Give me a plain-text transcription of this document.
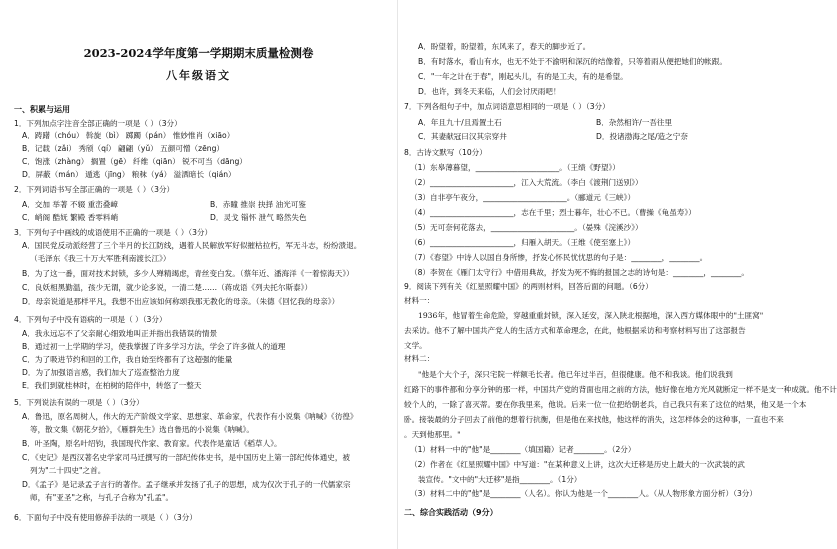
2023-2024学年度第一学期期末质量检测卷
八年级语文
一、积累与运用
1．下列加点字注音全部正确的一项是（ ）（3分）
A．踌躇（chóu） 斡旋（bì） 踯躅（pán） 惟妙惟肖（xiāo）
B．记载（zǎi） 秀颀（qí） 翩翩（yǔ） 五颜可憎（zēng）
C．饱涨（zhàng） 搁置（gē） 纤维（qiān） 锐不可当（dāng）
D．屏蔽（mán） 遁逃（jīng） 粮秣（yá） 溢洒暗长（qián）
2．下列词语书写全部正确的一项是（ ）（3分）
A．交加 举著 不辍 重峦叠嶂	B．赤瞳 推崇 抉择 油光可鉴
C．峭阁 酷妩 繁殿 香零料峭	D．灵戈 锱怀 泄气 略然失色
3．下列句子中画线的成语使用不正确的一项是（ ）（3分）
A．国民党反动派经营了三个半月的长江防线，遇着人民解放军好似摧枯拉朽，军无斗志，纷纷溃退。
（毛泽东《我三十万大军胜利南渡长江》）
B．为了这一番，面对技术封锁，多少人殚精竭虑，青丝变白发。（蔡年近、潘海洋《一着惊海天》）
C．良妖相黑勤温，孩少无谓，就少论多说，一清二楚……（蒋成语《列夫托尔斯泰》）
D．母亲说道是那样平凡，我想不出应该如何称颂我那无教化的母亲。（朱德《回忆我的母亲》）
4．下列句子中没有语病的一项是（ ）（3分）
A．我永远忘不了父亲耐心细致地叫正并指出我错误的情景
B．通过初一上学期的学习，使我掌握了许多学习方法，学会了许多做人的道理
C．为了吸进节约和回的工作，我自始至终都有了这超强的能量
D．为了加强语言感，我们加大了巡查整治力度
E．我们到就桂林时，在柏树的陪伴中，转悠了一整天
5．下列说法有误的一项是（ ）（3分）
A．鲁迅，原名周树人，伟大的无产阶级文学家、思想家、革命家，代表作有小说集《呐喊》《彷徨》
等，散文集《朝花夕拾》，《雁群先生》选自鲁迅的小说集《呐喊》。
B．叶圣陶，原名叶绍钧，我国现代作家、教育家。代表作是童话《稻草人》。
C．《史记》是西汉著名史学家司马迁撰写的一部纪传体史书，是中国历史上第一部纪传体通史，被
列为"二十四史"之首。
D．《孟子》是记录孟子言行的著作。孟子继承并发扬了孔子的思想，成为仅次于孔子的一代儒家宗
师，有"亚圣"之称，与孔子合称为"孔孟"。
6．下面句子中没有使用修辞手法的一项是（ ）（3分）
A．盼望着，盼望着，东风来了，春天的脚步近了。
B．有时落水，看山有水，也无不处于不渝明和深沉的结像着，只等着雨从便把她们的帐跟。
C．"一年之计在于春"，刚起头儿，有的是工夫，有的是希望。
D．也许，到冬天来临，人们会讨厌雨吧！
7．下列各组句子中，加点词语意思相同的一项是（ ）（3分）
A．年且九十/且焉置土石	B．杂然相许/一吾往里
C．其妻献冠曰汉其宗穿井	D．投诸渤海之尾/造之宁奈
8．古诗文默写（10分）
（1）东皋薄暮望，______________________。（王绩《野望》）
（2）______________________，江入大荒流。（李白《渡荆门送别》）
（3）自非亭午夜分，______________________。（郦道元《三峡》）
（4）______________________，志在千里；烈士暮年，壮心不已。（曹操《龟虽寿》）
（5）无可奈何花落去，______________________。（晏殊《浣溪沙》）
（6）______________________，归雁入胡天。（王维《使至塞上》）
（7）《春望》中诗人以国自身所惨，抒发心怀民忧忧思的句子是：________，________。
（8）李贺在《雁门太守行》中借用典故，抒发为死不悔的报国之志的诗句是：________，________。
9．阅读下列有关《红星照耀中国》的两则材料，回答后面的问题。（6分）
材料一：
1936年，他冒着生命危险，穿越重重封锁，深入延安，深入陕北根据地，深入西方媒体眼中的"土匪窝"
去采访。他不了解中国共产党人的生活方式和革命理念，在此，他根据采访和考察材料写出了这部报告
文学。
材料二：
"他是个大个子，深只宅院一样额毛长者。他已年过半百，但很健康。他不和我谈。他们说我到
红路下的事件都和分享分钟的那一样，中国共产党的背面也用之前的方法，他好像在地方光风就断定一样不是支一种成就。他不计
较个人的，一除了喜灭蒂。要在你我里来，他说。后来一位一位把给朝老兵，自己我只有来了这位的结果，他又是一个本
卧。接装最的分子回去了前他的想着行抗衡，但是他在来找他，他这样的消失，这怎样体会的这种事，一直也不来
。天到他那里。"
（1）材料一中的"他"是________（填国籍）记者________。（2分）
（2）作者在《红星照耀中国》中写道："在某种意义上讲，这次大迁移是历史上最大的一次武装的武
装宣传。"文中的"大迁移"是指________。（1分）
（3）材料二中的"他"是________（人名）。你认为他是一个________人。（从人物形象方面分析）（3分）
二、综合实践活动（9分）
